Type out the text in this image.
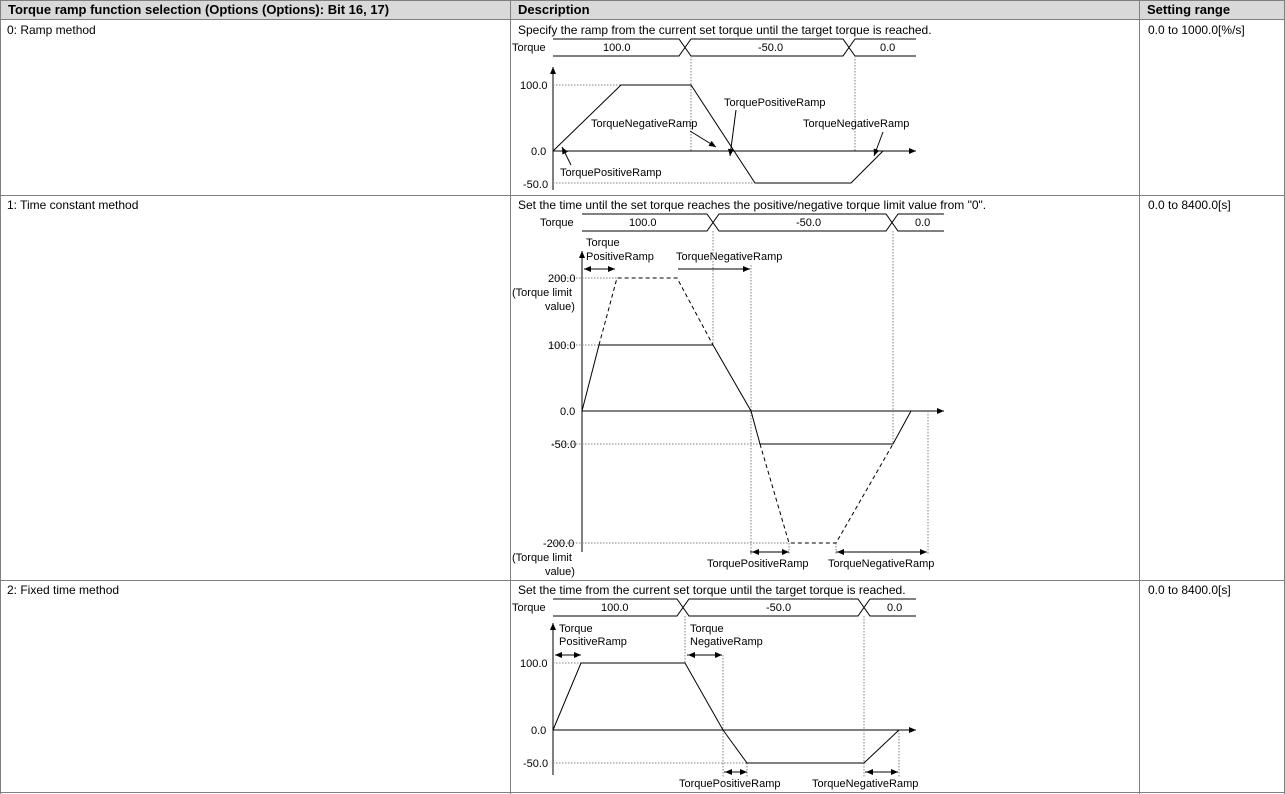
Torque ramp function selection (Options (Options): Bit 16, 17)	Description	Setting range
0: Ramp method	Specify the ramp from the current set torque until the target torque is reached.	0.0 to 1000.0[%/s]
1: Time constant method	Set the time until the set torque reaches the positive/negative torque limit value from "0".	0.0 to 8400.0[s]
2: Fixed time method	Set the time from the current set torque until the target torque is reached.	0.0 to 8400.0[s]
Torque	100.0	-50.0	0.0
100.0
0.0
-50.0
TorqueNegativeRamp
TorquePositiveRamp
TorqueNegativeRamp
TorquePositiveRamp
Torque	100.0	-50.0	0.0
200.0
(Torque limit
value)
100.0
0.0
-50.0
-200.0
(Torque limit
value)
Torque
PositiveRamp TorqueNegativeRamp
TorquePositiveRamp TorqueNegativeRamp
Torque	100.0	-50.0	0.0
100.0
0.0
-50.0
Torque
PositiveRamp
Torque
NegativeRamp
TorquePositiveRamp	TorqueNegativeRamp
